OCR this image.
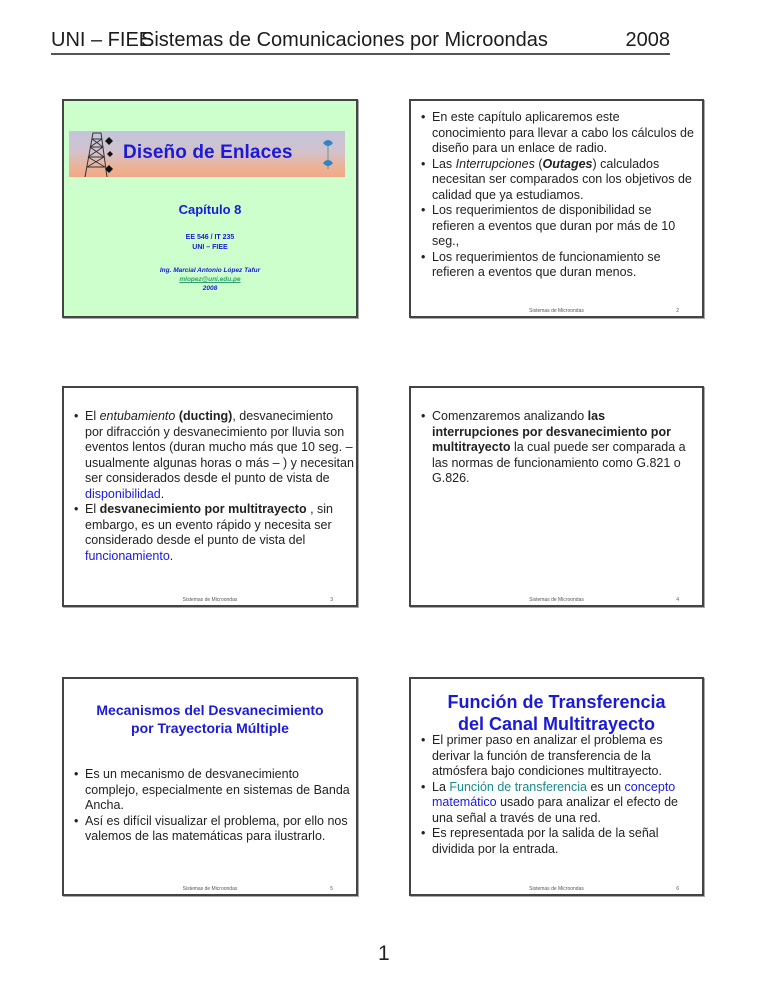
UNI – FIEE
Sistemas de Comunicaciones por Microondas	2008
Diseño de Enlaces
Capítulo 8
EE 546 / IT 235
UNI – FIEE
Ing. Marcial Antonio López Tafur
mlopez@uni.edu.pe
2008
• En este capítulo aplicaremos este conocimiento para llevar a cabo los cálculos de diseño para un enlace de radio.
• Las Interrupciones (Outages) calculados necesitan ser comparados con los objetivos de calidad que ya estudiamos.
• Los requerimientos de disponibilidad se refieren a eventos que duran por más de 10 seg.,
• Los requerimientos de funcionamiento se refieren a eventos que duran menos.
Sistemas de Microondas	2
• El entubamiento (ducting), desvanecimiento por difracción y desvanecimiento por lluvia son eventos lentos (duran mucho más que 10 seg. – usualmente algunas horas o más – ) y necesitan ser considerados desde el punto de vista de disponibilidad.
• El desvanecimiento por multitrayecto , sin embargo, es un evento rápido y necesita ser considerado desde el punto de vista del funcionamiento.
Sistemas de Microondas	3
• Comenzaremos analizando las interrupciones por desvanecimiento por multitrayecto la cual puede ser comparada a las normas de funcionamiento como G.821 o G.826.
Sistemas de Microondas	4
Mecanismos del Desvanecimiento
por Trayectoria Múltiple
• Es un mecanismo de desvanecimiento complejo, especialmente en sistemas de Banda Ancha.
• Así es difícil visualizar el problema, por ello nos valemos de las matemáticas para ilustrarlo.
Sistemas de Microondas	5
Función de Transferencia
del Canal Multitrayecto
• El primer paso en analizar el problema es derivar la función de transferencia de la atmósfera bajo condiciones multitrayecto.
• La Función de transferencia es un concepto matemático usado para analizar el efecto de una señal a través de una red.
• Es representada por la salida de la señal dividida por la entrada.
Sistemas de Microondas	6
1
